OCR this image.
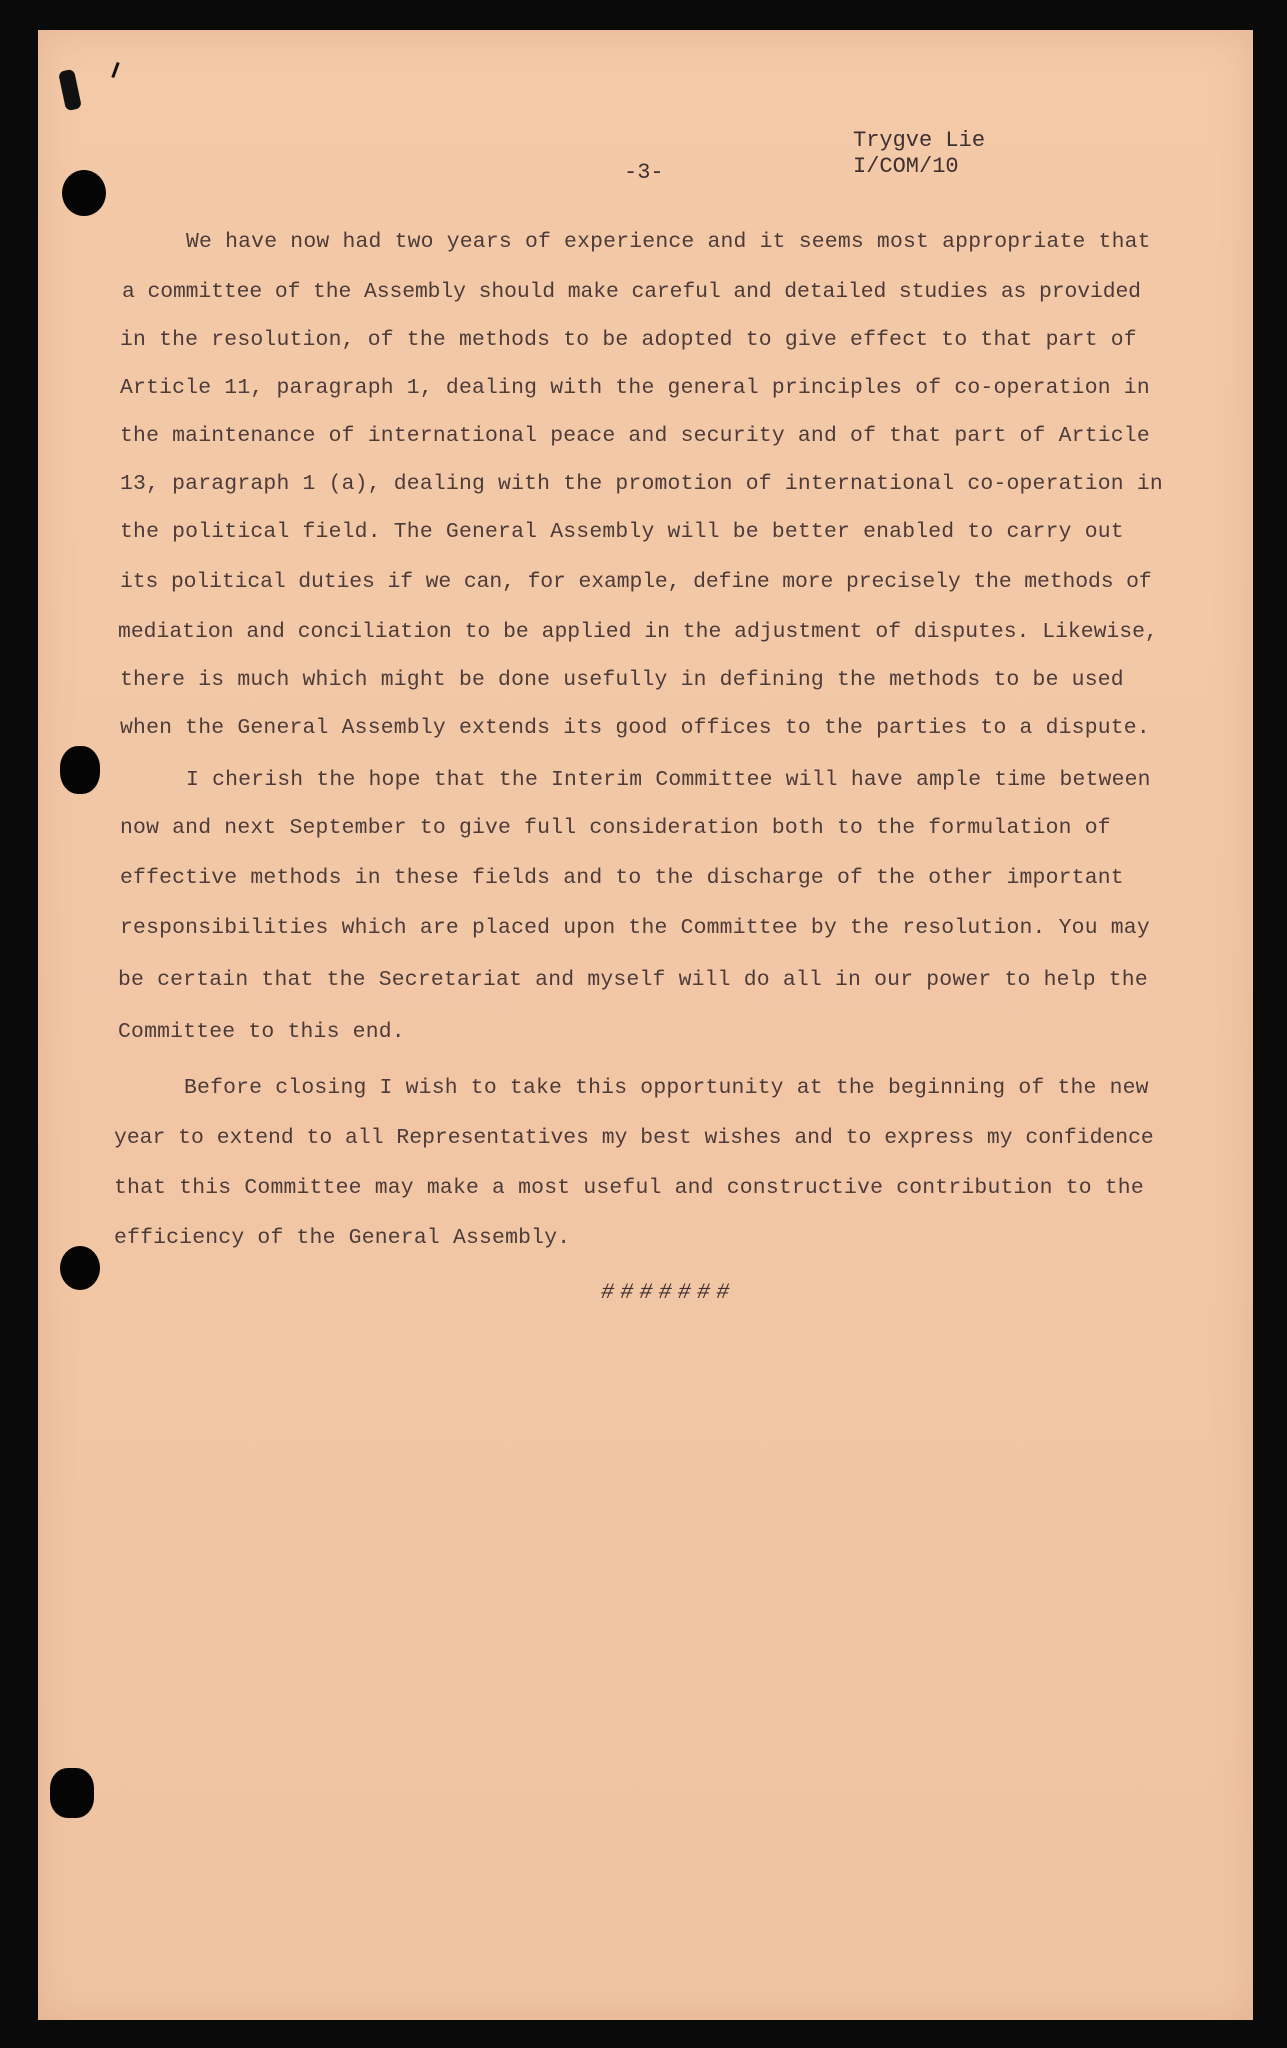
Trygve Lie
I/COM/10
-3-
We have now had two years of experience and it seems most appropriate that
a committee of the Assembly should make careful and detailed studies as provided
in the resolution, of the methods to be adopted to give effect to that part of
Article 11, paragraph 1, dealing with the general principles of co-operation in
the maintenance of international peace and security and of that part of Article
13, paragraph 1 (a), dealing with the promotion of international co-operation in
the political field. The General Assembly will be better enabled to carry out
its political duties if we can, for example, define more precisely the methods of
mediation and conciliation to be applied in the adjustment of disputes. Likewise,
there is much which might be done usefully in defining the methods to be used
when the General Assembly extends its good offices to the parties to a dispute.
I cherish the hope that the Interim Committee will have ample time between
now and next September to give full consideration both to the formulation of
effective methods in these fields and to the discharge of the other important
responsibilities which are placed upon the Committee by the resolution. You may
be certain that the Secretariat and myself will do all in our power to help the
Committee to this end.
Before closing I wish to take this opportunity at the beginning of the new
year to extend to all Representatives my best wishes and to express my confidence
that this Committee may make a most useful and constructive contribution to the
efficiency of the General Assembly.
#######
